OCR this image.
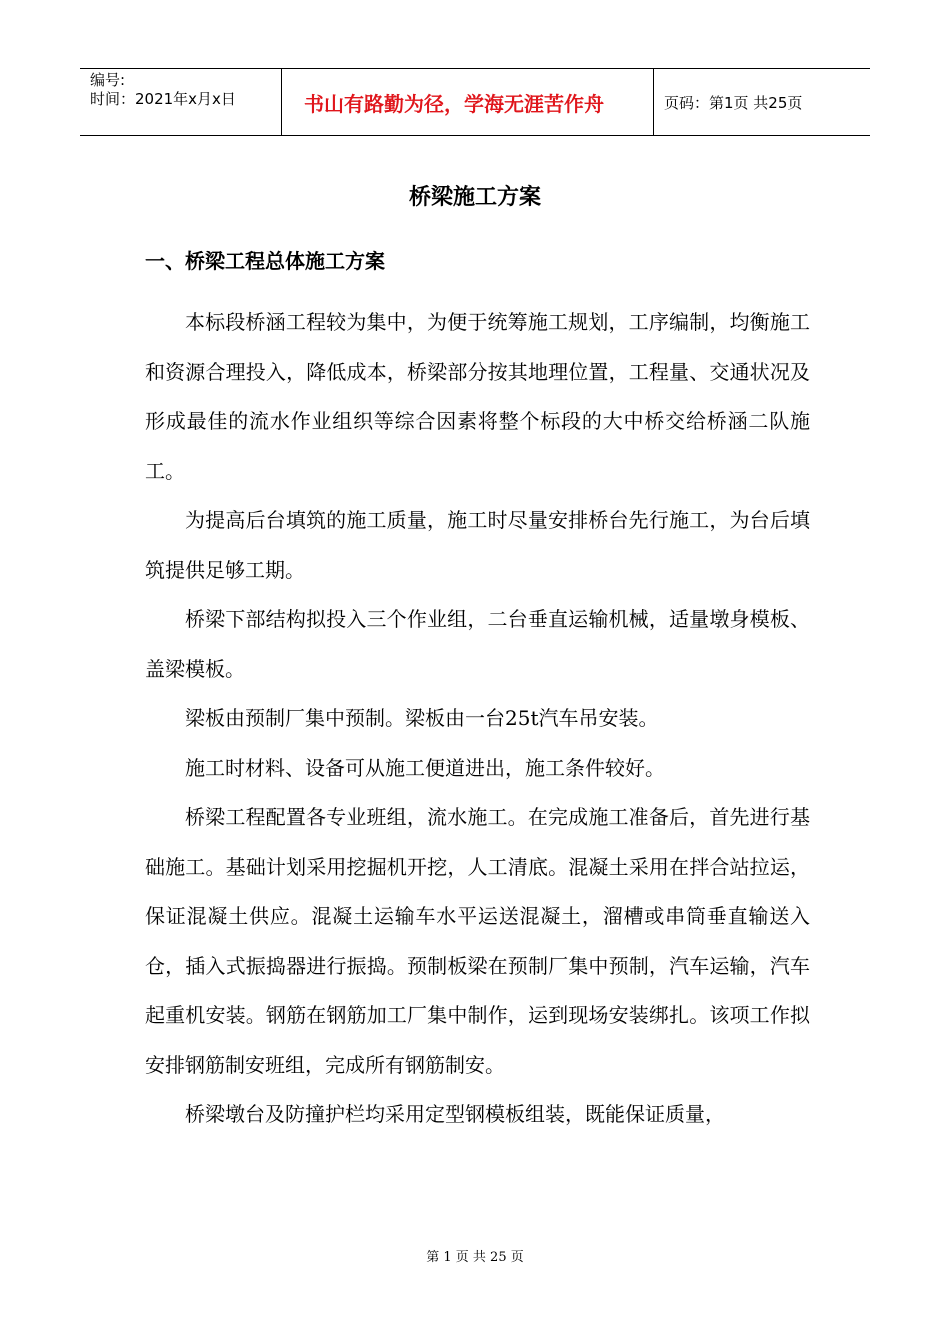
编号:
时间：2021年x月x日	书山有路勤为径，学海无涯苦作舟	页码：第1页 共25页
桥梁施工方案
一、桥梁工程总体施工方案

本标段桥涵工程较为集中，为便于统筹施工规划，工序编制，均衡施工和资源合理投入，降低成本，桥梁部分按其地理位置，工程量、交通状况及形成最佳的流水作业组织等综合因素将整个标段的大中桥交给桥涵二队施工。

为提高后台填筑的施工质量，施工时尽量安排桥台先行施工，为台后填筑提供足够工期。

桥梁下部结构拟投入三个作业组，二台垂直运输机械，适量墩身模板、盖梁模板。

梁板由预制厂集中预制。梁板由一台25t汽车吊安装。

施工时材料、设备可从施工便道进出，施工条件较好。

桥梁工程配置各专业班组，流水施工。在完成施工准备后，首先进行基础施工。基础计划采用挖掘机开挖，人工清底。混凝土采用在拌合站拉运，保证混凝土供应。混凝土运输车水平运送混凝土，溜槽或串筒垂直输送入仓，插入式振捣器进行振捣。预制板梁在预制厂集中预制，汽车运输，汽车起重机安装。钢筋在钢筋加工厂集中制作，运到现场安装绑扎。该项工作拟安排钢筋制安班组，完成所有钢筋制安。

桥梁墩台及防撞护栏均采用定型钢模板组装，既能保证质量，

第 1 页 共 25 页
